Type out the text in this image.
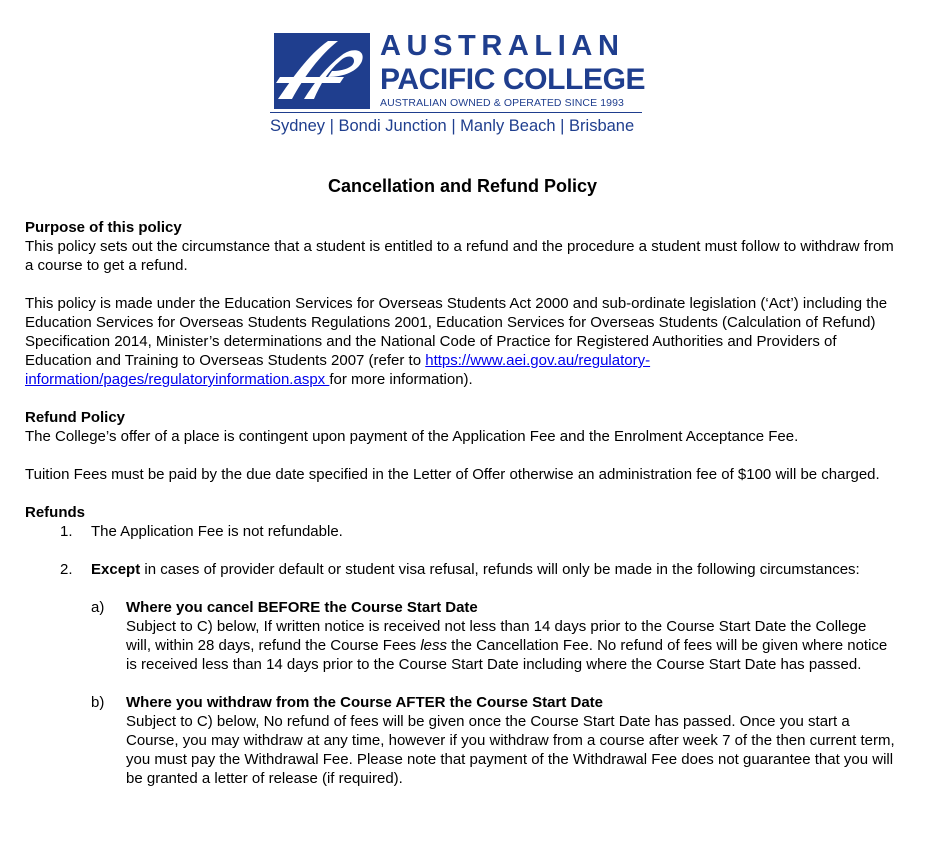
AUSTRALIAN
PACIFIC COLLEGE
AUSTRALIAN OWNED & OPERATED SINCE 1993
Sydney | Bondi Junction | Manly Beach | Brisbane
Cancellation and Refund Policy

Purpose of this policy

This policy sets out the circumstance that a student is entitled to a refund and the procedure a student must follow to withdraw from a course to get a refund.

This policy is made under the Education Services for Overseas Students Act 2000 and sub-ordinate legislation (‘Act’) including the Education Services for Overseas Students Regulations 2001, Education Services for Overseas Students (Calculation of Refund) Specification 2014, Minister’s determinations and the National Code of Practice for Registered Authorities and Providers of Education and Training to Overseas Students 2007 (refer to https://www.aei.gov.au/regulatory-information/pages/regulatoryinformation.aspx for more information).

Refund Policy

The College’s offer of a place is contingent upon payment of the Application Fee and the Enrolment Acceptance Fee.

Tuition Fees must be paid by the due date specified in the Letter of Offer otherwise an administration fee of $100 will be charged.

Refunds

1. The Application Fee is not refundable.
2. Except in cases of provider default or student visa refusal, refunds will only be made in the following circumstances:
a) Where you cancel BEFORE the Course Start Date

Subject to C) below, If written notice is received not less than 14 days prior to the Course Start Date the College will, within 28 days, refund the Course Fees less the Cancellation Fee. No refund of fees will be given where notice is received less than 14 days prior to the Course Start Date including where the Course Start Date has passed.

b) Where you withdraw from the Course AFTER the Course Start Date

Subject to C) below, No refund of fees will be given once the Course Start Date has passed. Once you start a Course, you may withdraw at any time, however if you withdraw from a course after week 7 of the then current term, you must pay the Withdrawal Fee. Please note that payment of the Withdrawal Fee does not guarantee that you will be granted a letter of release (if required).
